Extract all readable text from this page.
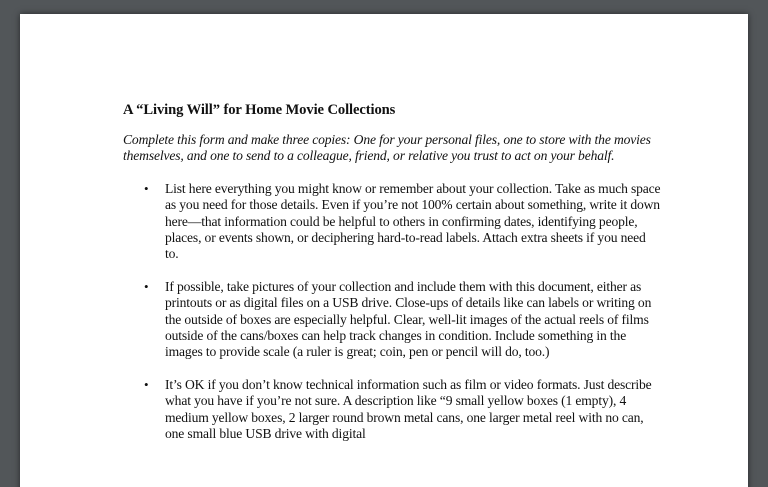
A “Living Will” for Home Movie Collections

Complete this form and make three copies: One for your personal files, one to store with the movies themselves, and one to send to a colleague, friend, or relative you trust to act on your behalf.

• List here everything you might know or remember about your collection. Take as much space as you need for those details. Even if you’re not 100% certain about something, write it down here—that information could be helpful to others in confirming dates, identifying people, places, or events shown, or deciphering hard-to-read labels. Attach extra sheets if you need to.
• If possible, take pictures of your collection and include them with this document, either as printouts or as digital files on a USB drive. Close-ups of details like can labels or writing on the outside of boxes are especially helpful. Clear, well-lit images of the actual reels of films outside of the cans/boxes can help track changes in condition. Include something in the images to provide scale (a ruler is great; coin, pen or pencil will do, too.)
• It’s OK if you don’t know technical information such as film or video formats. Just describe what you have if you’re not sure. A description like “9 small yellow boxes (1 empty), 4 medium yellow boxes, 2 larger round brown metal cans, one larger metal reel with no can, one small blue USB drive with digital
